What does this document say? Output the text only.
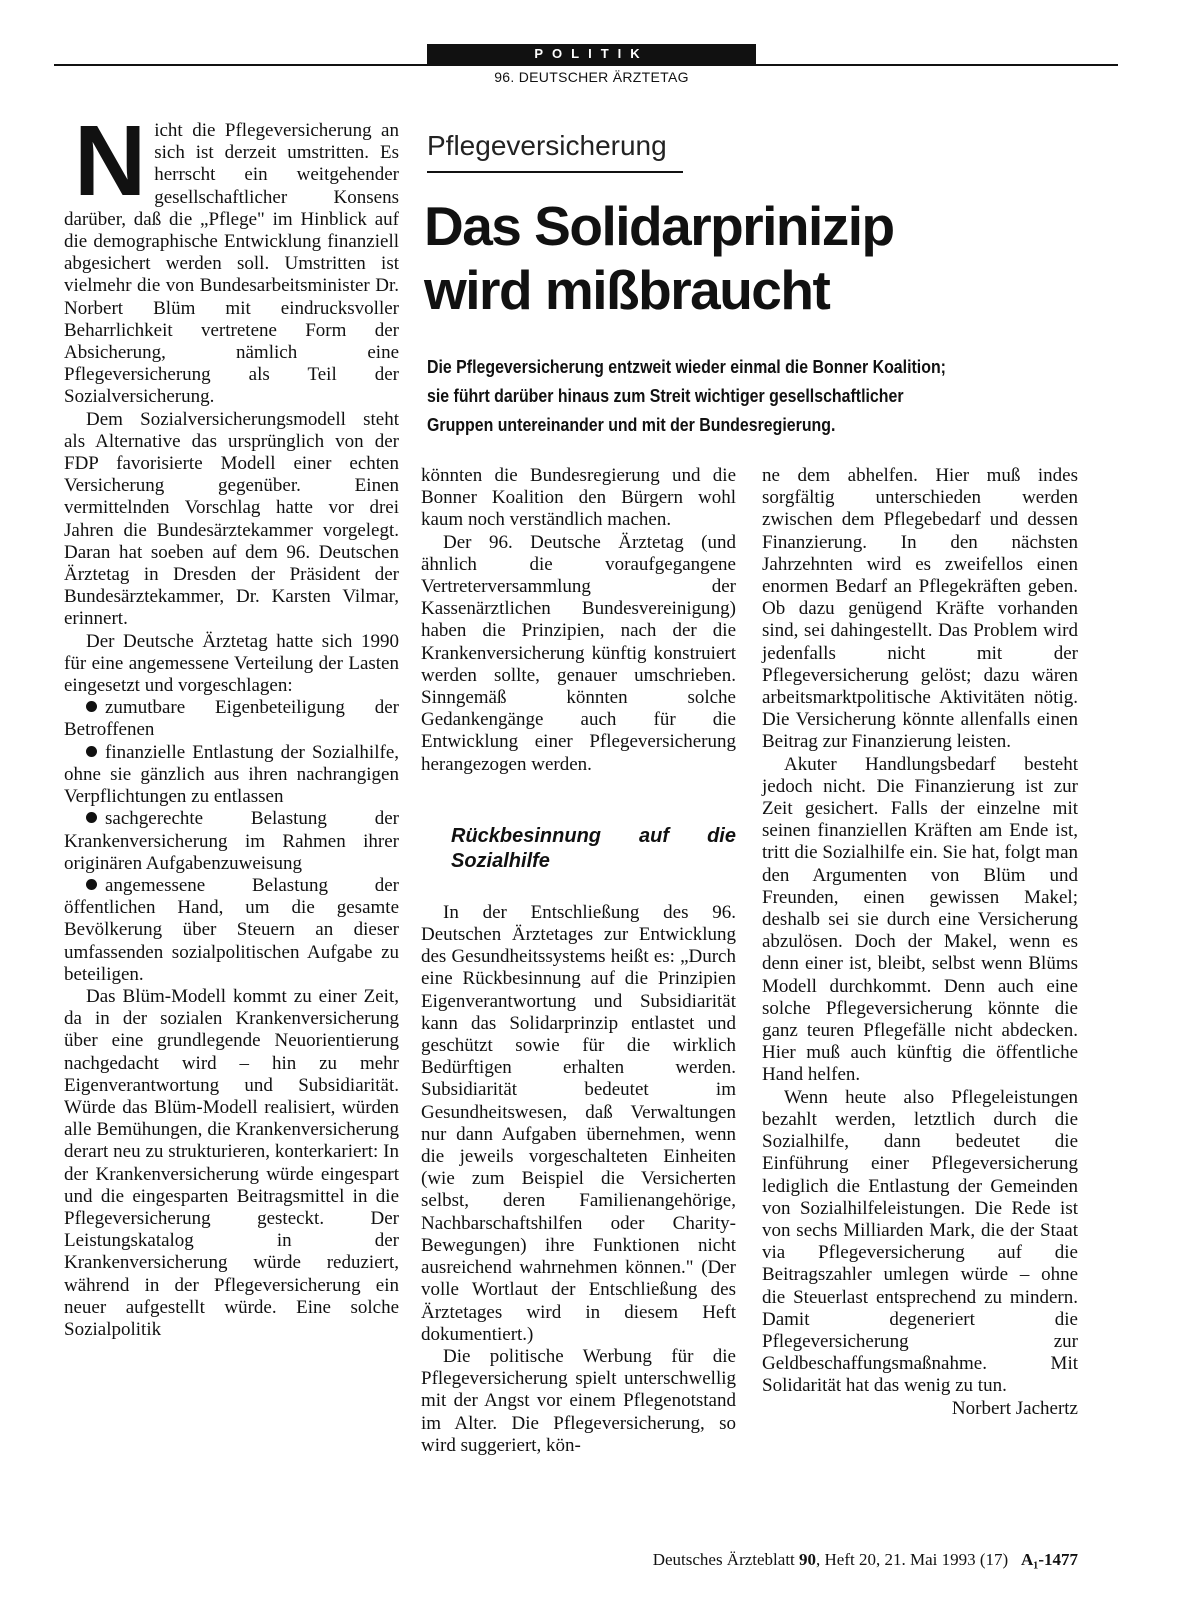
POLITIK
96. DEUTSCHER ÄRZTETAG
Pflegeversicherung
Das Solidarprinizip wird mißbraucht

Die Pflegeversicherung entzweit wieder einmal die Bonner Koalition; sie führt darüber hinaus zum Streit wichtiger gesellschaftlicher Gruppen untereinander und mit der Bundesregierung.

Nicht die Pflegeversicherung an sich ist derzeit umstritten. Es herrscht ein weitgehender gesellschaftlicher Konsens darüber, daß die „Pflege" im Hinblick auf die demographische Entwicklung finanziell abgesichert werden soll. Umstritten ist vielmehr die von Bundesarbeitsminister Dr. Norbert Blüm mit eindrucksvoller Beharrlichkeit vertretene Form der Absicherung, nämlich eine Pflegeversicherung als Teil der Sozialversicherung.

Dem Sozialversicherungsmodell steht als Alternative das ursprünglich von der FDP favorisierte Modell einer echten Versicherung gegenüber. Einen vermittelnden Vorschlag hatte vor drei Jahren die Bundesärztekammer vorgelegt. Daran hat soeben auf dem 96. Deutschen Ärztetag in Dresden der Präsident der Bundesärztekammer, Dr. Karsten Vilmar, erinnert.

Der Deutsche Ärztetag hatte sich 1990 für eine angemessene Verteilung der Lasten eingesetzt und vorgeschlagen:

zumutbare Eigenbeteiligung der Betroffenen

finanzielle Entlastung der Sozialhilfe, ohne sie gänzlich aus ihren nachrangigen Verpflichtungen zu entlassen

sachgerechte Belastung der Krankenversicherung im Rahmen ihrer originären Aufgabenzuweisung

angemessene Belastung der öffentlichen Hand, um die gesamte Bevölkerung über Steuern an dieser umfassenden sozialpolitischen Aufgabe zu beteiligen.

Das Blüm-Modell kommt zu einer Zeit, da in der sozialen Krankenversicherung über eine grundlegende Neuorientierung nachgedacht wird – hin zu mehr Eigenverantwortung und Subsidiarität. Würde das Blüm-Modell realisiert, würden alle Bemühungen, die Krankenversicherung derart neu zu strukturieren, konterkariert: In der Krankenversicherung würde eingespart und die eingesparten Beitragsmittel in die Pflegeversicherung gesteckt. Der Leistungskatalog in der Krankenversicherung würde reduziert, während in der Pflegeversicherung ein neuer aufgestellt würde. Eine solche Sozialpolitik

könnten die Bundesregierung und die Bonner Koalition den Bürgern wohl kaum noch verständlich machen.

Der 96. Deutsche Ärztetag (und ähnlich die voraufgegangene Vertreterversammlung der Kassenärztlichen Bundesvereinigung) haben die Prinzipien, nach der die Krankenversicherung künftig konstruiert werden sollte, genauer umschrieben. Sinngemäß könnten solche Gedankengänge auch für die Entwicklung einer Pflegeversicherung herangezogen werden.

Rückbesinnung auf die Sozialhilfe

In der Entschließung des 96. Deutschen Ärztetages zur Entwicklung des Gesundheitssystems heißt es: „Durch eine Rückbesinnung auf die Prinzipien Eigenverantwortung und Subsidiarität kann das Solidarprinzip entlastet und geschützt sowie für die wirklich Bedürftigen erhalten werden. Subsidiarität bedeutet im Gesundheitswesen, daß Verwaltungen nur dann Aufgaben übernehmen, wenn die jeweils vorgeschalteten Einheiten (wie zum Beispiel die Versicherten selbst, deren Familienangehörige, Nachbarschaftshilfen oder Charity-Bewegungen) ihre Funktionen nicht ausreichend wahrnehmen können." (Der volle Wortlaut der Entschließung des Ärztetages wird in diesem Heft dokumentiert.)

Die politische Werbung für die Pflegeversicherung spielt unterschwellig mit der Angst vor einem Pflegenotstand im Alter. Die Pflegeversicherung, so wird suggeriert, kön-

ne dem abhelfen. Hier muß indes sorgfältig unterschieden werden zwischen dem Pflegebedarf und dessen Finanzierung. In den nächsten Jahrzehnten wird es zweifellos einen enormen Bedarf an Pflegekräften geben. Ob dazu genügend Kräfte vorhanden sind, sei dahingestellt. Das Problem wird jedenfalls nicht mit der Pflegeversicherung gelöst; dazu wären arbeitsmarktpolitische Aktivitäten nötig. Die Versicherung könnte allenfalls einen Beitrag zur Finanzierung leisten.

Akuter Handlungsbedarf besteht jedoch nicht. Die Finanzierung ist zur Zeit gesichert. Falls der einzelne mit seinen finanziellen Kräften am Ende ist, tritt die Sozialhilfe ein. Sie hat, folgt man den Argumenten von Blüm und Freunden, einen gewissen Makel; deshalb sei sie durch eine Versicherung abzulösen. Doch der Makel, wenn es denn einer ist, bleibt, selbst wenn Blüms Modell durchkommt. Denn auch eine solche Pflegeversicherung könnte die ganz teuren Pflegefälle nicht abdecken. Hier muß auch künftig die öffentliche Hand helfen.

Wenn heute also Pflegeleistungen bezahlt werden, letztlich durch die Sozialhilfe, dann bedeutet die Einführung einer Pflegeversicherung lediglich die Entlastung der Gemeinden von Sozialhilfeleistungen. Die Rede ist von sechs Milliarden Mark, die der Staat via Pflegeversicherung auf die Beitragszahler umlegen würde – ohne die Steuerlast entsprechend zu mindern. Damit degeneriert die Pflegeversicherung zur Geldbeschaffungsmaßnahme. Mit Solidarität hat das wenig zu tun.

Norbert Jachertz

Deutsches Ärzteblatt 90, Heft 20, 21. Mai 1993 (17) A₁-1477
